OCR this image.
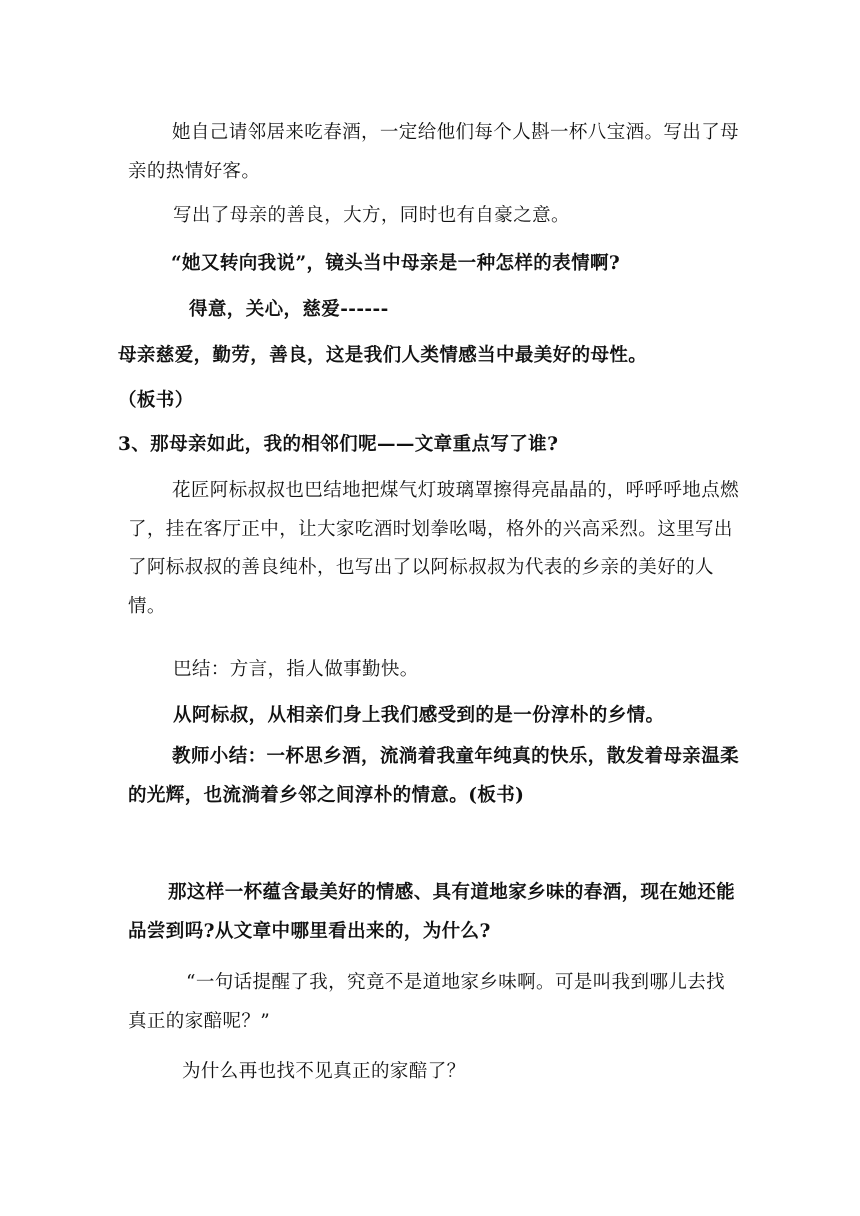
她自己请邻居来吃春酒，一定给他们每个人斟一杯八宝酒。写出了母亲的热情好客。

写出了母亲的善良，大方，同时也有自豪之意。

“她又转向我说”，镜头当中母亲是一种怎样的表情啊?

得意，关心，慈爱------

母亲慈爱，勤劳，善良，这是我们人类情感当中最美好的母性。

（板书）

3、那母亲如此，我的相邻们呢——文章重点写了谁?

花匠阿标叔叔也巴结地把煤气灯玻璃罩擦得亮晶晶的，呼呼呼地点燃了，挂在客厅正中，让大家吃酒时划拳吆喝，格外的兴高采烈。这里写出了阿标叔叔的善良纯朴，也写出了以阿标叔叔为代表的乡亲的美好的人情。

巴结：方言，指人做事勤快。

从阿标叔，从相亲们身上我们感受到的是一份淳朴的乡情。

教师小结：一杯思乡酒，流淌着我童年纯真的快乐，散发着母亲温柔的光辉，也流淌着乡邻之间淳朴的情意。(板书)

那这样一杯蕴含最美好的情感、具有道地家乡味的春酒，现在她还能品尝到吗?从文章中哪里看出来的，为什么?

“一句话提醒了我，究竟不是道地家乡味啊。可是叫我到哪儿去找真正的家醅呢？”

为什么再也找不见真正的家醅了？
